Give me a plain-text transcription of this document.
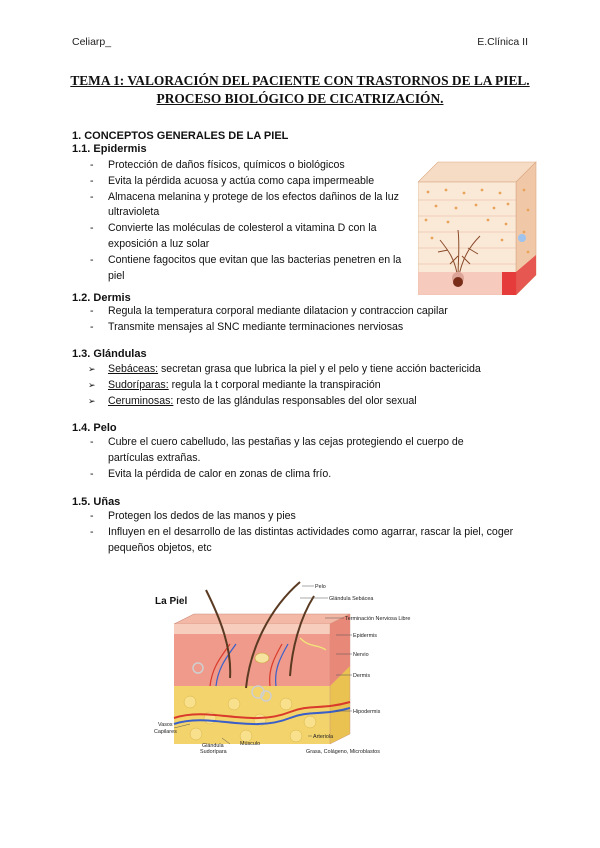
Celiarp_	E.Clínica II
TEMA 1: VALORACIÓN DEL PACIENTE CON TRASTORNOS DE LA PIEL. PROCESO BIOLÓGICO DE CICATRIZACIÓN.
1. CONCEPTOS GENERALES DE LA PIEL
1.1. Epidermis
- Protección de daños físicos, químicos o biológicos
- Evita la pérdida acuosa y actúa como capa impermeable
- Almacena melanina y protege de los efectos dañinos de la luz ultravioleta
- Convierte las moléculas de colesterol a vitamina D con la exposición a luz solar
- Contiene fagocitos que evitan que las bacterias penetren en la piel
1.2. Dermis
- Regula la temperatura corporal mediante dilatacion y contraccion capilar
- Transmite mensajes al SNC mediante terminaciones nerviosas
1.3. Glándulas
➢ Sebáceas: secretan grasa que lubrica la piel y el pelo y tiene acción bactericida
➢ Sudoríparas: regula la t corporal mediante la transpiración
➢ Ceruminosas: resto de las glándulas responsables del olor sexual
1.4. Pelo
- Cubre el cuero cabelludo, las pestañas y las cejas protegiendo el cuerpo de partículas extrañas.
- Evita la pérdida de calor en zonas de clima frío.
1.5. Uñas
- Protegen los dedos de las manos y pies
- Influyen en el desarrollo de las distintas actividades como agarrar, rascar la piel, coger pequeños objetos, etc
La Piel
Pelo
Glándula Sebácea
Terminación Nerviosa Libre
Epidermis
Nervio
Dermis
Hipodermis
Vasos
Capilares
Glándula
Sudorípara
Músculo
Arteriola
Grasa, Colágeno, Microblastos
